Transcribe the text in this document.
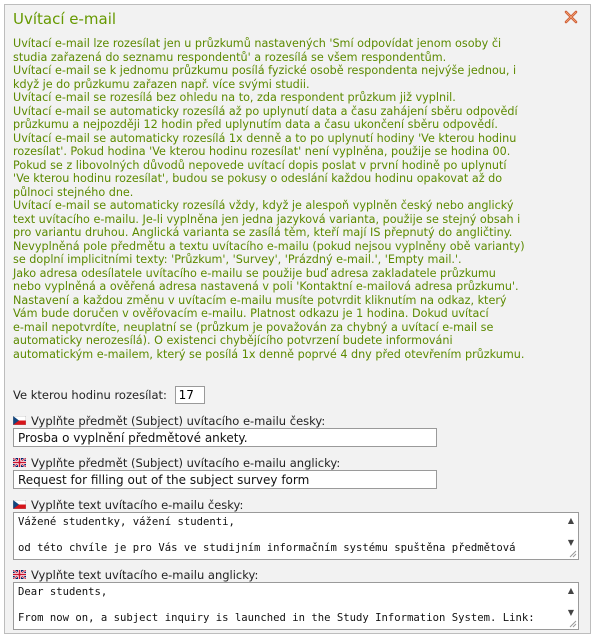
Uvítací e-mail

Uvítací e-mail lze rozesílat jen u průzkumů nastavených 'Smí odpovídat jenom osoby či

studia zařazená do seznamu respondentů' a rozesílá se všem respondentům.

Uvítací e-mail se k jednomu průzkumu posílá fyzické osobě respondenta nejvýše jednou, i

když je do průzkumu zařazen např. více svými studii.

Uvítací e-mail se rozesílá bez ohledu na to, zda respondent průzkum již vyplnil.

Uvítací e-mail se automaticky rozesílá až po uplynutí data a času zahájení sběru odpovědí

průzkumu a nejpozději 12 hodin před uplynutím data a času ukončení sběru odpovědí.

Uvítací e-mail se automaticky rozesílá 1x denně a to po uplynutí hodiny 'Ve kterou hodinu

rozesílat'. Pokud hodina 'Ve kterou hodinu rozesílat' není vyplněna, použije se hodina 00.

Pokud se z libovolných důvodů nepovede uvítací dopis poslat v první hodině po uplynutí

'Ve kterou hodinu rozesílat', budou se pokusy o odeslání každou hodinu opakovat až do

půlnoci stejného dne.

Uvítací e-mail se automaticky rozesílá vždy, když je alespoň vyplněn český nebo anglický

text uvítacího e-mailu. Je-li vyplněna jen jedna jazyková varianta, použije se stejný obsah i

pro variantu druhou. Anglická varianta se zasílá těm, kteří mají IS přepnutý do angličtiny.

Nevyplněná pole předmětu a textu uvítacího e-mailu (pokud nejsou vyplněny obě varianty)

se doplní implicitními texty: 'Průzkum', 'Survey', 'Prázdný e-mail.', 'Empty mail.'.

Jako adresa odesílatele uvítacího e-mailu se použije buď adresa zakladatele průzkumu

nebo vyplněná a ověřená adresa nastavená v poli 'Kontaktní e-mailová adresa průzkumu'.

Nastavení a každou změnu v uvítacím e-mailu musíte potvrdit kliknutím na odkaz, který

Vám bude doručen v ověřovacím e-mailu. Platnost odkazu je 1 hodina. Dokud uvítací

e-mail nepotvrdíte, neuplatní se (průzkum je považován za chybný a uvítací e-mail se

automaticky nerozesílá). O existenci chybějícího potvrzení budete informováni

automatickým e-mailem, který se posílá 1x denně poprvé 4 dny před otevřením průzkumu.

Ve kterou hodinu rozesílat: 17
Vyplňte předmět (Subject) uvítacího e-mailu česky:
Prosba o vyplnění předmětové ankety.
Vyplňte předmět (Subject) uvítacího e-mailu anglicky:
Request for filling out of the subject survey form
Vyplňte text uvítacího e-mailu česky:
Vážené studentky, vážení studenti,

od této chvíle je pro Vás ve studijním informačním systému spuštěna předmětová
▲
▼
Vyplňte text uvítacího e-mailu anglicky:
Dear students,

From now on, a subject inquiry is launched in the Study Information System. Link:
▲
▼
